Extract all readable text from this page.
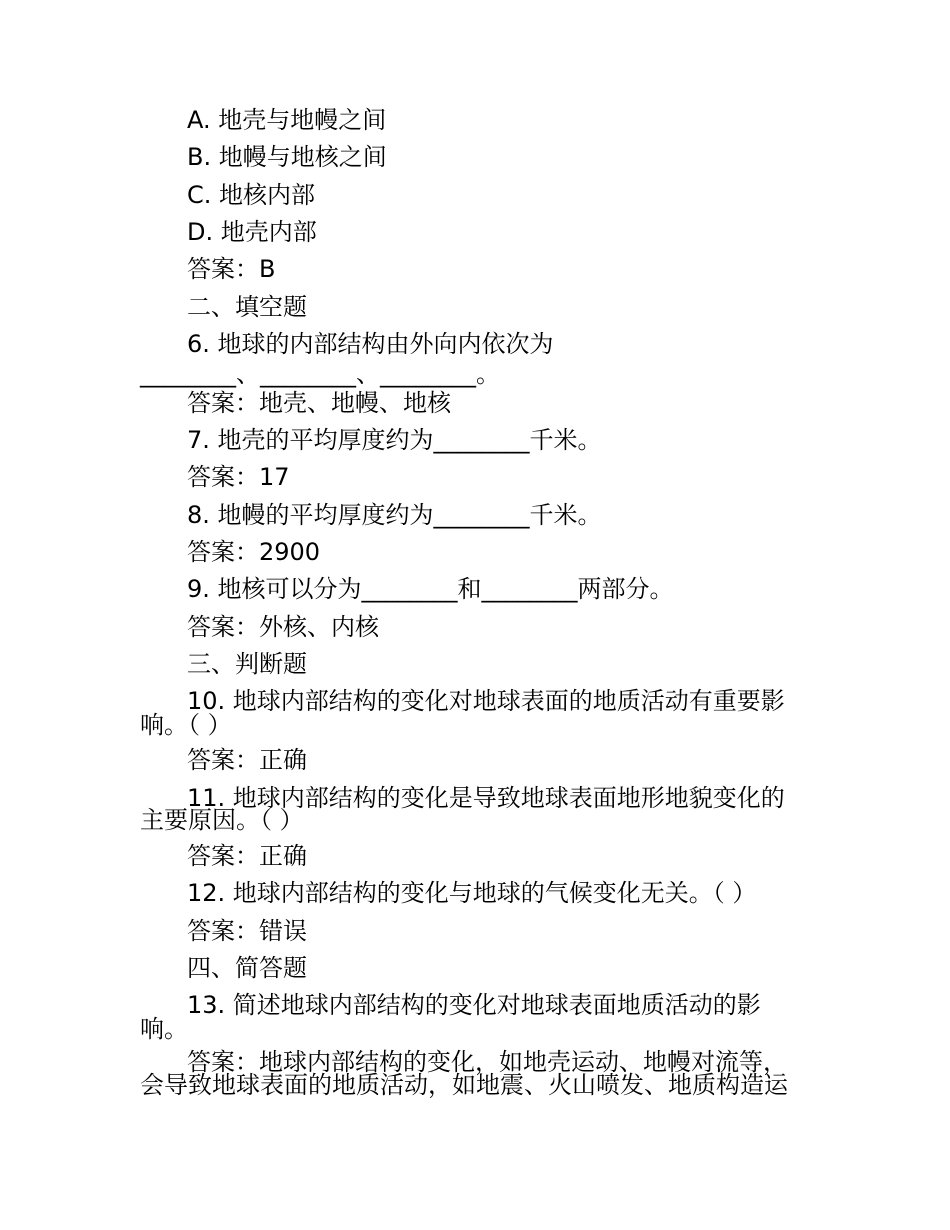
A. 地壳与地幔之间

B. 地幔与地核之间

C. 地核内部

D. 地壳内部

答案：B

二、填空题

6. 地球的内部结构由外向内依次为

________、________、________。

答案：地壳、地幔、地核

7. 地壳的平均厚度约为________千米。

答案：17

8. 地幔的平均厚度约为________千米。

答案：2900

9. 地核可以分为________和________两部分。

答案：外核、内核

三、判断题

10. 地球内部结构的变化对地球表面的地质活动有重要影

响。（ ）

答案：正确

11. 地球内部结构的变化是导致地球表面地形地貌变化的

主要原因。（ ）

答案：正确

12. 地球内部结构的变化与地球的气候变化无关。（ ）

答案：错误

四、简答题

13. 简述地球内部结构的变化对地球表面地质活动的影

响。

答案：地球内部结构的变化，如地壳运动、地幔对流等，

会导致地球表面的地质活动，如地震、火山喷发、地质构造运
